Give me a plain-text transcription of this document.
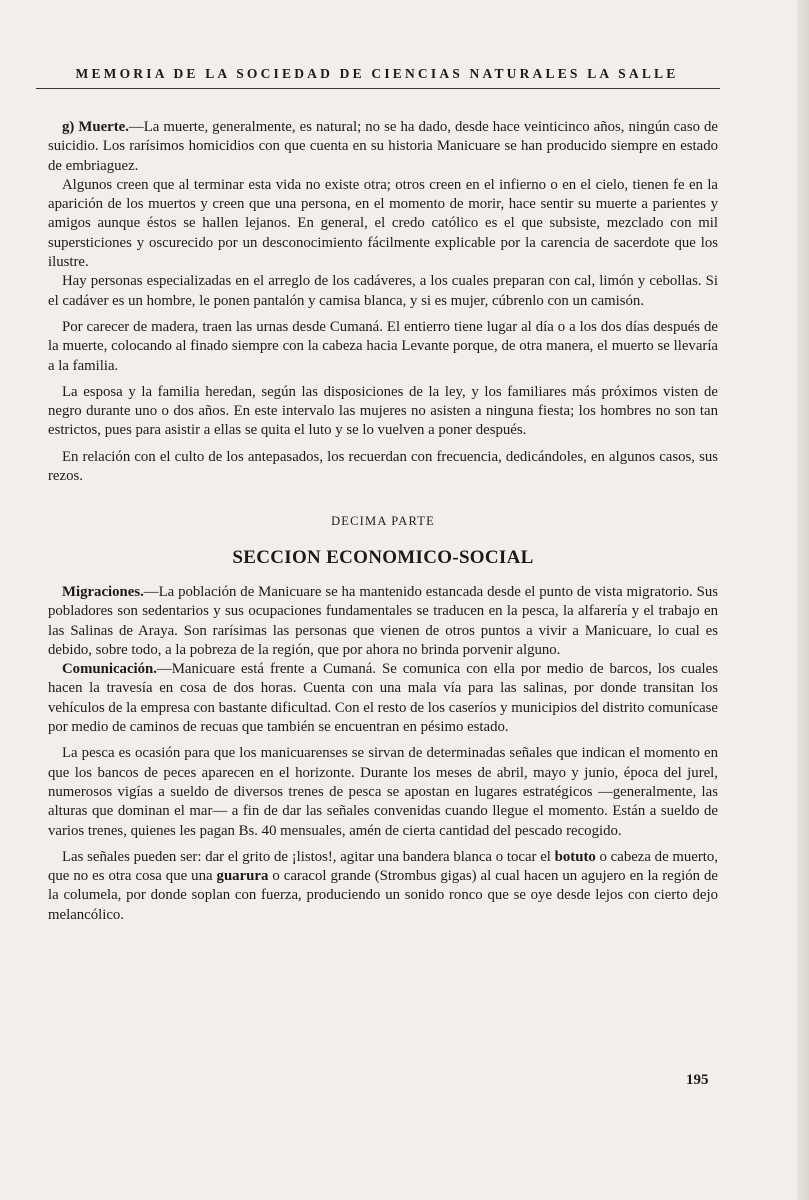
MEMORIA DE LA SOCIEDAD DE CIENCIAS NATURALES LA SALLE

g) Muerte.—La muerte, generalmente, es natural; no se ha dado, desde hace veinticinco años, ningún caso de suicidio. Los rarísimos homicidios con que cuenta en su historia Manicuare se han producido siempre en estado de embriaguez.

Algunos creen que al terminar esta vida no existe otra; otros creen en el infierno o en el cielo, tienen fe en la aparición de los muertos y creen que una persona, en el momento de morir, hace sentir su muerte a parientes y amigos aunque éstos se hallen lejanos. En general, el credo católico es el que subsiste, mezclado con mil supersticiones y oscurecido por un desconocimiento fácilmente explicable por la carencia de sacerdote que los ilustre.

Hay personas especializadas en el arreglo de los cadáveres, a los cuales preparan con cal, limón y cebollas. Si el cadáver es un hombre, le ponen pantalón y camisa blanca, y si es mujer, cúbrenlo con un camisón.

Por carecer de madera, traen las urnas desde Cumaná. El entierro tiene lugar al día o a los dos días después de la muerte, colocando al finado siempre con la cabeza hacia Levante porque, de otra manera, el muerto se llevaría a la familia.

La esposa y la familia heredan, según las disposiciones de la ley, y los familiares más próximos visten de negro durante uno o dos años. En este intervalo las mujeres no asisten a ninguna fiesta; los hombres no son tan estrictos, pues para asistir a ellas se quita el luto y se lo vuelven a poner después.

En relación con el culto de los antepasados, los recuerdan con frecuencia, dedicándoles, en algunos casos, sus rezos.

DECIMA PARTE
SECCION ECONOMICO-SOCIAL

Migraciones.—La población de Manicuare se ha mantenido estancada desde el punto de vista migratorio. Sus pobladores son sedentarios y sus ocupaciones fundamentales se traducen en la pesca, la alfarería y el trabajo en las Salinas de Araya. Son rarísimas las personas que vienen de otros puntos a vivir a Manicuare, lo cual es debido, sobre todo, a la pobreza de la región, que por ahora no brinda porvenir alguno.

Comunicación.—Manicuare está frente a Cumaná. Se comunica con ella por medio de barcos, los cuales hacen la travesía en cosa de dos horas. Cuenta con una mala vía para las salinas, por donde transitan los vehículos de la empresa con bastante dificultad. Con el resto de los caseríos y municipios del distrito comunícase por medio de caminos de recuas que también se encuentran en pésimo estado.

La pesca es ocasión para que los manicuarenses se sirvan de determinadas señales que indican el momento en que los bancos de peces aparecen en el horizonte. Durante los meses de abril, mayo y junio, época del jurel, numerosos vigías a sueldo de diversos trenes de pesca se apostan en lugares estratégicos —generalmente, las alturas que dominan el mar— a fin de dar las señales convenidas cuando llegue el momento. Están a sueldo de varios trenes, quienes les pagan Bs. 40 mensuales, amén de cierta cantidad del pescado recogido.

Las señales pueden ser: dar el grito de ¡listos!, agitar una bandera blanca o tocar el botuto o cabeza de muerto, que no es otra cosa que una guarura o caracol grande (Strombus gigas) al cual hacen un agujero en la región de la columela, por donde soplan con fuerza, produciendo un sonido ronco que se oye desde lejos con cierto dejo melancólico.

195
